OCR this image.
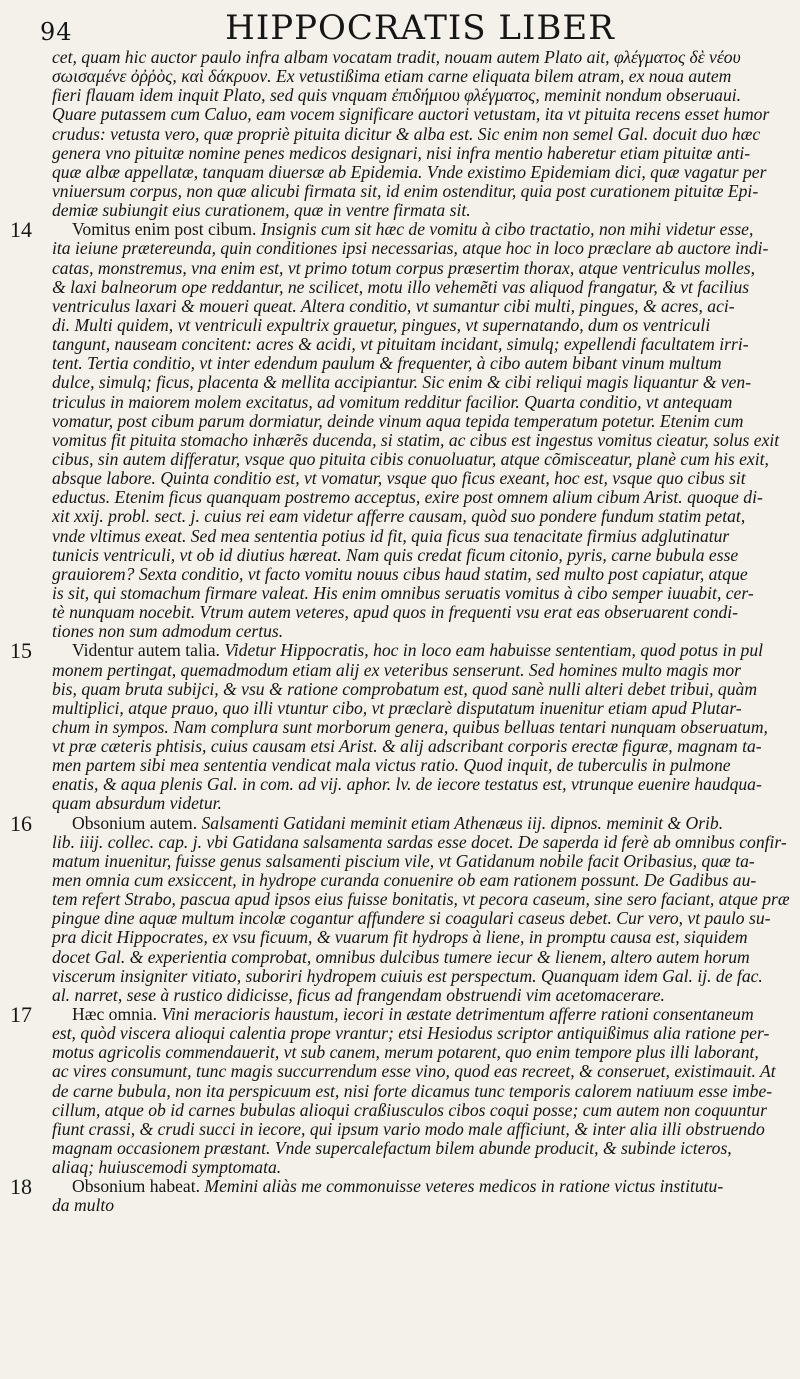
94	HIPPOCRATIS LIBER
cet, quam hic auctor paulo infra albam vocatam tradit, nouam autem Plato ait, φλέγματος δὲ νέου
σωισαμένε ὀῤῥὸς, καὶ δάκρυον. Ex vetustißima etiam carne eliquata bilem atram, ex noua autem
fieri flauam idem inquit Plato, sed quis vnquam ἐπιδήμιου φλέγματος, meminit nondum obseruaui.
Quare putassem cum Caluo, eam vocem significare auctori vetustam, ita vt pituita recens esset humor
crudus: vetusta vero, quæ propriè pituita dicitur & alba est. Sic enim non semel Gal. docuit duo hæc
genera vno pituitæ nomine penes medicos designari, nisi infra mentio haberetur etiam pituitæ anti-
quæ albæ appellatæ, tanquam diuersæ ab Epidemia. Vnde existimo Epidemiam dici, quæ vagatur per
vniuersum corpus, non quæ alicubi firmata sit, id enim ostenditur, quia post curationem pituitæ Epi-
demiæ subiungit eius curationem, quæ in ventre firmata sit.
14 Vomitus enim post cibum. Insignis cum sit hæc de vomitu à cibo tractatio, non mihi videtur esse,
ita ieiune prætereunda, quin conditiones ipsi necessarias, atque hoc in loco præclare ab auctore indi-
catas, monstremus, vna enim est, vt primo totum corpus præsertim thorax, atque ventriculus molles,
& laxi balneorum ope reddantur, ne scilicet, motu illo vehemẽti vas aliquod frangatur, & vt facilius
ventriculus laxari & moueri queat. Altera conditio, vt sumantur cibi multi, pingues, & acres, aci-
di. Multi quidem, vt ventriculi expultrix grauetur, pingues, vt supernatando, dum os ventriculi
tangunt, nauseam concitent: acres & acidi, vt pituitam incidant, simulq; expellendi facultatem irri-
tent. Tertia conditio, vt inter edendum paulum & frequenter, à cibo autem bibant vinum multum
dulce, simulq; ficus, placenta & mellita accipiantur. Sic enim & cibi reliqui magis liquantur & ven-
triculus in maiorem molem excitatus, ad vomitum redditur facilior. Quarta conditio, vt antequam
vomatur, post cibum parum dormiatur, deinde vinum aqua tepida temperatum potetur. Etenim cum
vomitus fit pituita stomacho inhærẽs ducenda, si statim, ac cibus est ingestus vomitus cieatur, solus exit
cibus, sin autem differatur, vsque quo pituita cibis conuoluatur, atque cõmisceatur, planè cum his exit,
absque labore. Quinta conditio est, vt vomatur, vsque quo ficus exeant, hoc est, vsque quo cibus sit
eductus. Etenim ficus quanquam postremo acceptus, exire post omnem alium cibum Arist. quoque di-
xit xxij. probl. sect. j. cuius rei eam videtur afferre causam, quòd suo pondere fundum statim petat,
vnde vltimus exeat. Sed mea sententia potius id fit, quia ficus sua tenacitate firmius adglutinatur
tunicis ventriculi, vt ob id diutius hæreat. Nam quis credat ficum citonio, pyris, carne bubula esse
grauiorem? Sexta conditio, vt facto vomitu nouus cibus haud statim, sed multo post capiatur, atque
is sit, qui stomachum firmare valeat. His enim omnibus seruatis vomitus à cibo semper iuuabit, cer-
tè nunquam nocebit. Vtrum autem veteres, apud quos in frequenti vsu erat eas obseruarent condi-
tiones non sum admodum certus.
15 Videntur autem talia. Videtur Hippocratis, hoc in loco eam habuisse sententiam, quod potus in pul
monem pertingat, quemadmodum etiam alij ex veteribus senserunt. Sed homines multo magis mor
bis, quam bruta subijci, & vsu & ratione comprobatum est, quod sanè nulli alteri debet tribui, quàm
multiplici, atque prauo, quo illi vtuntur cibo, vt præclarè disputatum inuenitur etiam apud Plutar-
chum in sympos. Nam complura sunt morborum genera, quibus belluas tentari nunquam obseruatum,
vt præ cæteris phtisis, cuius causam etsi Arist. & alij adscribant corporis erectæ figuræ, magnam ta-
men partem sibi mea sententia vendicat mala victus ratio. Quod inquit, de tuberculis in pulmone
enatis, & aqua plenis Gal. in com. ad vij. aphor. lv. de iecore testatus est, vtrunque euenire haudqua-
quam absurdum videtur.
16 Obsonium autem. Salsamenti Gatidani meminit etiam Athenæus iij. dipnos. meminit & Orib.
lib. iiij. collec. cap. j. vbi Gatidana salsamenta sardas esse docet. De saperda id ferè ab omnibus confir-
matum inuenitur, fuisse genus salsamenti piscium vile, vt Gatidanum nobile facit Oribasius, quæ ta-
men omnia cum exsiccent, in hydrope curanda conuenire ob eam rationem possunt. De Gadibus au-
tem refert Strabo, pascua apud ipsos eius fuisse bonitatis, vt pecora caseum, sine sero faciant, atque præ
pingue dine aquæ multum incolæ cogantur affundere si coagulari caseus debet. Cur vero, vt paulo su-
pra dicit Hippocrates, ex vsu ficuum, & vuarum fit hydrops à liene, in promptu causa est, siquidem
docet Gal. & experientia comprobat, omnibus dulcibus tumere iecur & lienem, altero autem horum
viscerum insigniter vitiato, suboriri hydropem cuiuis est perspectum. Quanquam idem Gal. ij. de fac.
al. narret, sese à rustico didicisse, ficus ad frangendam obstruendi vim acetomacerare.
17 Hæc omnia. Vini meracioris haustum, iecori in æstate detrimentum afferre rationi consentaneum
est, quòd viscera alioqui calentia prope vrantur; etsi Hesiodus scriptor antiquißimus alia ratione per-
motus agricolis commendauerit, vt sub canem, merum potarent, quo enim tempore plus illi laborant,
ac vires consumunt, tunc magis succurrendum esse vino, quod eas recreet, & conseruet, existimauit. At
de carne bubula, non ita perspicuum est, nisi forte dicamus tunc temporis calorem natiuum esse imbe-
cillum, atque ob id carnes bubulas alioqui craßiusculos cibos coqui posse; cum autem non coquuntur
fiunt crassi, & crudi succi in iecore, qui ipsum vario modo male afficiunt, & inter alia illi obstruendo
magnam occasionem præstant. Vnde supercalefactum bilem abunde producit, & subinde icteros,
aliaq; huiuscemodi symptomata.
18 Obsonium habeat. Memini aliàs me commonuisse veteres medicos in ratione victus institutu-
da multo
